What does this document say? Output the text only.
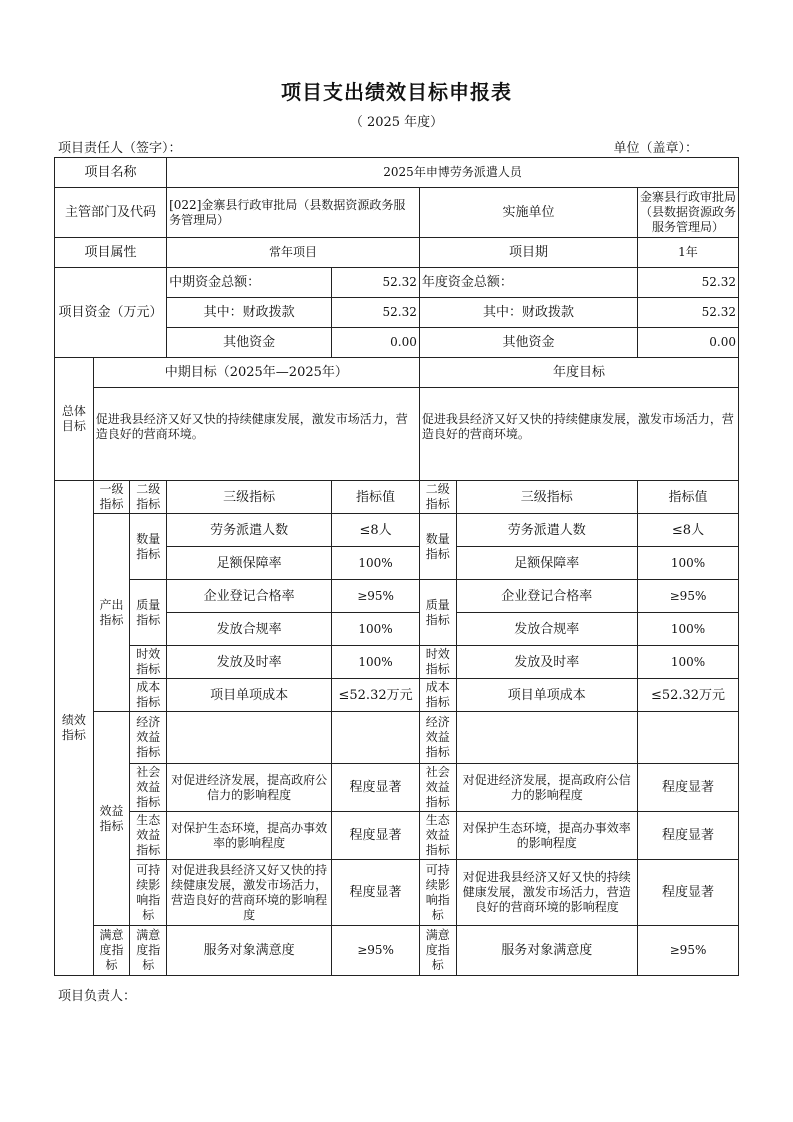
项目支出绩效目标申报表
（ 2025 年度）
项目责任人（签字）：	单位（盖章）：
项目名称			2025年申博劳务派遣人员				
主管部门及代码			[022]金寨县行政审批局（县数据资源政务服务管理局）		实施单位		金寨县行政审批局（县数据资源政务服务管理局）
项目属性			常年项目		项目期		1年
项目资金（万元）			中期资金总额：	52.32	年度资金总额：		52.32
			其中：财政拨款	52.32	其中：财政拨款		52.32
			其他资金	0.00	其他资金		0.00
总体目标	中期目标（2025年—2025年）				年度目标		
	促进我县经济又好又快的持续健康发展，激发市场活力，营造良好的营商环境。				促进我县经济又好又快的持续健康发展，激发市场活力，营造良好的营商环境。		
绩效指标	一级指标	二级指标	三级指标	指标值	二级指标	三级指标	指标值
	产出指标	数量指标	劳务派遣人数	≤8人	数量指标	劳务派遣人数	≤8人
			足额保障率	100%		足额保障率	100%
		质量指标	企业登记合格率	≥95%	质量指标	企业登记合格率	≥95%
			发放合规率	100%		发放合规率	100%
		时效指标	发放及时率	100%	时效指标	发放及时率	100%
		成本指标	项目单项成本	≤52.32万元	成本指标	项目单项成本	≤52.32万元
	效益指标	经济效益指标			经济效益指标		
		社会效益指标	对促进经济发展，提高政府公信力的影响程度	程度显著	社会效益指标	对促进经济发展，提高政府公信力的影响程度	程度显著
		生态效益指标	对保护生态环境，提高办事效率的影响程度	程度显著	生态效益指标	对保护生态环境，提高办事效率的影响程度	程度显著
		可持续影响指标	对促进我县经济又好又快的持续健康发展，激发市场活力，营造良好的营商环境的影响程度	程度显著	可持续影响指标	对促进我县经济又好又快的持续健康发展，激发市场活力，营造良好的营商环境的影响程度	程度显著
	满意度指标	满意度指标	服务对象满意度	≥95%	满意度指标	服务对象满意度	≥95%
项目负责人：
